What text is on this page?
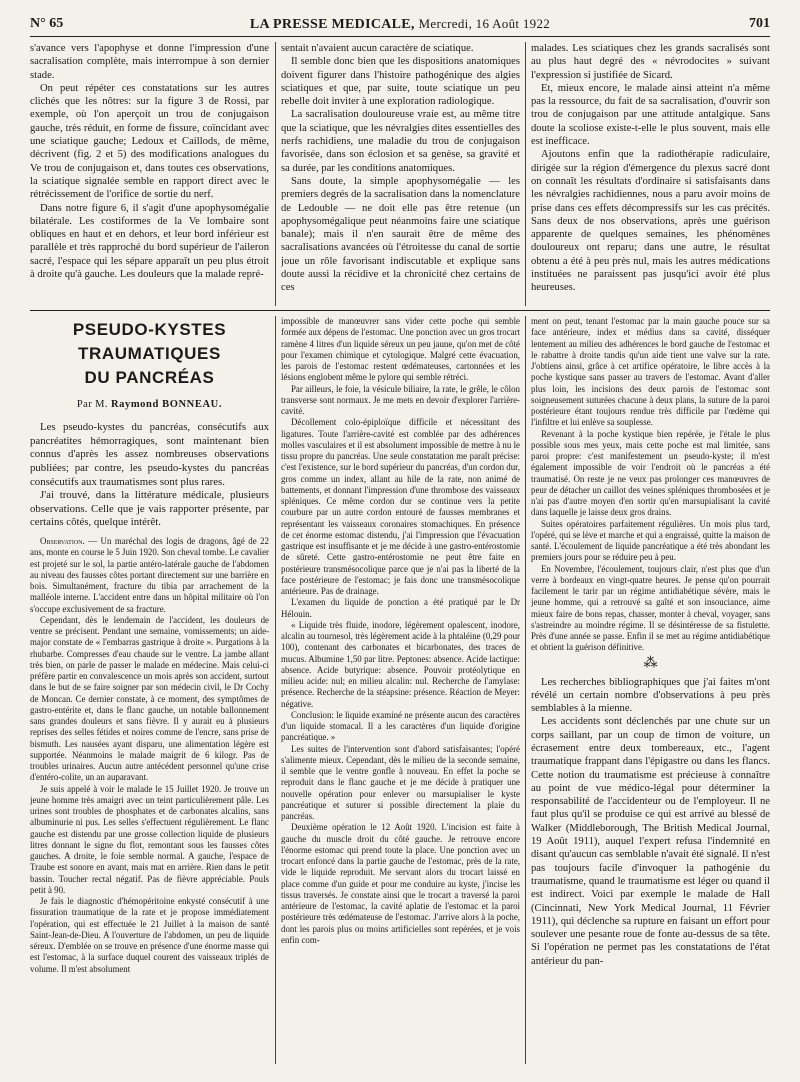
N° 65	LA PRESSE MEDICALE, Mercredi, 16 Août 1922	701

s'avance vers l'apophyse et donne l'impression d'une sacralisation complète, mais interrompue à son dernier stade.

On peut répéter ces constatations sur les autres clichés que les nôtres: sur la figure 3 de Rossi, par exemple, où l'on aperçoit un trou de conjugaison gauche, très réduit, en forme de fissure, coïncidant avec une sciatique gauche; Ledoux et Caillods, de même, décrivent (fig. 2 et 5) des modifications analogues du Ve trou de conjugaison et, dans toutes ces observations, la sciatique signalée semble en rapport direct avec le rétrécissement de l'orifice de sortie du nerf.

Dans notre figure 6, il s'agit d'une apophysomégalie bilatérale. Les costiformes de la Ve lombaire sont obliques en haut et en dehors, et leur bord inférieur est parallèle et très rapproché du bord supérieur de l'aileron sacré, l'espace qui les sépare apparaît un peu plus étroit à droite qu'à gauche. Les douleurs que la malade repré-

sentait n'avaient aucun caractère de sciatique.

Il semble donc bien que les dispositions anatomiques doivent figurer dans l'histoire pathogénique des algies sciatiques et que, par suite, toute sciatique un peu rebelle doit inviter à une exploration radiologique.

La sacralisation douloureuse vraie est, au même titre que la sciatique, que les névralgies dites essentielles des nerfs rachidiens, une maladie du trou de conjugaison favorisée, dans son éclosion et sa genèse, sa gravité et sa durée, par les conditions anatomiques.

Sans doute, la simple apophysomégalie — les premiers degrés de la sacralisation dans la nomenclature de Ledouble — ne doit elle pas être retenue (un apophysomégalique peut néanmoins faire une sciatique banale); mais il n'en saurait être de même des sacralisations avancées où l'étroitesse du canal de sortie joue un rôle favorisant indiscutable et explique sans doute aussi la récidive et la chronicité chez certains de ces

malades. Les sciatiques chez les grands sacralisés sont au plus haut degré des « névrodocites » suivant l'expression si justifiée de Sicard.

Et, mieux encore, le malade ainsi atteint n'a même pas la ressource, du fait de sa sacralisation, d'ouvrir son trou de conjugaison par une attitude antalgique. Sans doute la scoliose existe-t-elle le plus souvent, mais elle est inefficace.

Ajoutons enfin que la radiothérapie radiculaire, dirigée sur la région d'émergence du plexus sacré dont on connaît les résultats d'ordinaire si satisfaisants dans les névralgies rachidiennes, nous a paru avoir moins de prise dans ces effets décompressifs sur les cas précités. Sans deux de nos observations, après une guérison apparente de quelques semaines, les phénomènes douloureux ont reparu; dans une autre, le résultat obtenu a été à peu près nul, mais les autres médications instituées ne paraissent pas jusqu'ici avoir été plus heureuses.

PSEUDO-KYSTES TRAUMATIQUES
DU PANCRÉAS
Par M. Raymond BONNEAU.

Les pseudo-kystes du pancréas, consécutifs aux pancréatites hémorragiques, sont maintenant bien connus d'après les assez nombreuses observations publiées; par contre, les pseudo-kystes du pancréas consécutifs aux traumatismes sont plus rares.

J'ai trouvé, dans la littérature médicale, plusieurs observations. Celle que je vais rapporter présente, par certains côtés, quelque intérêt.

Observation. — Un maréchal des logis de dragons, âgé de 22 ans, monte en course le 5 Juin 1920. Son cheval tombe. Le cavalier est projeté sur le sol, la partie antéro-latérale gauche de l'abdomen au niveau des fausses côtes portant directement sur une barrière en bois. Simultanément, fracture du tibia par arrachement de la malléole interne. L'accident entre dans un hôpital militaire où l'on s'occupe exclusivement de sa fracture.

Cependant, dès le lendemain de l'accident, les douleurs de ventre se précisent. Pendant une semaine, vomissements; un aide-major constate de « l'embarras gastrique à droite ». Purgations à la rhubarbe. Compresses d'eau chaude sur le ventre. La jambe allant très bien, on parle de passer le malade en médecine. Mais celui-ci préfère partir en convalescence un mois après son accident, surtout dans le but de se faire soigner par son médecin civil, le Dr Cochy de Moncan. Ce dernier constate, à ce moment, des symptômes de gastro-entérite et, dans le flanc gauche, un notable ballonnement sans grandes douleurs et sans fièvre. Il y aurait eu à plusieurs reprises des selles fétides et noires comme de l'encre, sans prise de bismuth. Les nausées ayant disparu, une alimentation légère est supportée. Néanmoins le malade maigrit de 6 kilogr. Pas de troubles urinaires. Aucun autre antécédent personnel qu'une crise d'entéro-colite, un an auparavant.

Je suis appelé à voir le malade le 15 Juillet 1920. Je trouve un jeune homme très amaigri avec un teint particulièrement pâle. Les urines sont troubles de phosphates et de carbonates alcalins, sans albuminurie ni pus. Les selles s'effectuent régulièrement. Le flanc gauche est distendu par une grosse collection liquide de plusieurs litres donnant le signe du flot, remontant sous les fausses côtes gauches. A droite, le foie semble normal. A gauche, l'espace de Traube est sonore en avant, mais mat en arrière. Rien dans le petit bassin. Toucher rectal négatif. Pas de fièvre appréciable. Pouls petit à 90.

Je fais le diagnostic d'hémopéritoine enkysté consécutif à une fissuration traumatique de la rate et je propose immédiatement l'opération, qui est effectuée le 21 Juillet à la maison de santé Saint-Jean-de-Dieu. A l'ouverture de l'abdomen, un peu de liquide séreux. D'emblée on se trouve en présence d'une énorme masse qui est l'estomac, à la surface duquel courent des vaisseaux triplés de volume. Il m'est absolument

impossible de manœuvrer sans vider cette poche qui semble formée aux dépens de l'estomac. Une ponction avec un gros trocart ramène 4 litres d'un liquide séreux un peu jaune, qu'on met de côté pour l'examen chimique et cytologique. Malgré cette évacuation, les parois de l'estomac restent œdémateuses, cartonnées et les lésions englobent même le pylore qui semble rétréci.

Par ailleurs, le foie, la vésicule biliaire, la rate, le grêle, le côlon transverse sont normaux. Je me mets en devoir d'explorer l'arrière-cavité.

Décollement colo-épiploïque difficile et nécessitant des ligatures. Toute l'arrière-cavité est comblée par des adhérences molles vasculaires et il est absolument impossible de mettre à nu le tissu propre du pancréas. Une seule constatation me paraît précise: c'est l'existence, sur le bord supérieur du pancréas, d'un cordon dur, gros comme un index, allant au hile de la rate, non animé de battements, et donnant l'impression d'une thrombose des vaisseaux spléniques. Ce même cordon dur se continue vers la petite courbure par un autre cordon entouré de fausses membranes et représentant les vaisseaux coronaires stomachiques. En présence de cet énorme estomac distendu, j'ai l'impression que l'évacuation gastrique est insuffisante et je me décide à une gastro-entérostomie de sûreté. Cette gastro-entérostomie ne peut être faite en postérieure transmésocolique parce que je n'ai pas la liberté de la face postérieure de l'estomac; je fais donc une transmésocolique antérieure. Pas de drainage.

L'examen du liquide de ponction a été pratiqué par le Dr Hélouin.

« Liquide très fluide, inodore, légèrement opalescent, inodore, alcalin au tournesol, très légèrement acide à la phtaléine (0,29 pour 100), contenant des carbonates et bicarbonates, des traces de mucus. Albumine 1,50 par litre. Peptones: absence. Acide lactique: absence. Acide butyrique: absence. Pouvoir protéolytique en milieu acide: nul; en milieu alcalin: nul. Recherche de l'amylase: présence. Recherche de la stéapsine: présence. Réaction de Meyer: négative.

Conclusion: le liquide examiné ne présente aucun des caractères d'un liquide stomacal. Il a les caractères d'un liquide d'origine pancréatique. »

Les suites de l'intervention sont d'abord satisfaisantes; l'opéré s'alimente mieux. Cependant, dès le milieu de la seconde semaine, il semble que le ventre gonfle à nouveau. En effet la poche se reproduit dans le flanc gauche et je me décide à pratiquer une nouvelle opération pour enlever ou marsupialiser le kyste pancréatique et suturer si possible directement la plaie du pancréas.

Deuxième opération le 12 Août 1920. L'incision est faite à gauche du muscle droit du côté gauche. Je retrouve encore l'énorme estomac qui prend toute la place. Une ponction avec un trocart enfoncé dans la partie gauche de l'estomac, près de la rate, vide le liquide reproduit. Me servant alors du trocart laissé en place comme d'un guide et pour me conduire au kyste, j'incise les tissus traversés. Je constate ainsi que le trocart a traversé la paroi antérieure de l'estomac, la cavité aplatie de l'estomac et la paroi postérieure très œdémateuse de l'estomac. J'arrive alors à la poche, dont les parois plus ou moins artificielles sont repérées, et je vois enfin com-

ment on peut, tenant l'estomac par la main gauche pouce sur sa face antérieure, index et médius dans sa cavité, disséquer lentement au milieu des adhérences le bord gauche de l'estomac et le rabattre à droite tandis qu'un aide tient une valve sur la rate. J'obtiens ainsi, grâce à cet artifice opératoire, le libre accès à la poche kystique sans passer au travers de l'estomac. Avant d'aller plus loin, les incisions des deux parois de l'estomac sont soigneusement suturées chacune à deux plans, la suture de la paroi postérieure étant toujours rendue très difficile par l'œdème qui l'infiltre et lui enlève sa souplesse.

Revenant à la poche kystique bien repérée, je l'étale le plus possible sous mes yeux, mais cette poche est mal limitée, sans paroi propre: c'est manifestement un pseudo-kyste; il m'est également impossible de voir l'endroit où le pancréas a été traumatisé. On reste je ne veux pas prolonger ces manœuvres de peur de détacher un caillot des veines spléniques thrombosées et je n'ai pas d'autre moyen d'en sortir qu'en marsupialisant la cavité dans laquelle je laisse deux gros drains.

Suites opératoires parfaitement régulières. Un mois plus tard, l'opéré, qui se lève et marche et qui a engraissé, quitte la maison de santé. L'écoulement de liquide pancréatique a été très abondant les premiers jours pour se réduire peu à peu.

En Novembre, l'écoulement, toujours clair, n'est plus que d'un verre à bordeaux en vingt-quatre heures. Je pense qu'on pourrait facilement le tarir par un régime antidiabétique sévère, mais le jeune homme, qui a retrouvé sa gaîté et son insouciance, aime mieux faire de bons repas, chasser, monter à cheval, voyager, sans s'astreindre au moindre régime. Il se désintéresse de sa fistulette. Près d'une année se passe. Enfin il se met au régime antidiabétique et obtient la guérison définitive.

⁂

Les recherches bibliographiques que j'ai faites m'ont révélé un certain nombre d'observations à peu près semblables à la mienne.

Les accidents sont déclenchés par une chute sur un corps saillant, par un coup de timon de voiture, un écrasement entre deux tombereaux, etc., l'agent traumatique frappant dans l'épigastre ou dans les flancs. Cette notion du traumatisme est précieuse à connaître au point de vue médico-légal pour déterminer la responsabilité de l'accidenteur ou de l'employeur. Il ne faut plus qu'il se produise ce qui est arrivé au blessé de Walker (Middleborough, The British Medical Journal, 19 Août 1911), auquel l'expert refusa l'indemnité en disant qu'aucun cas semblable n'avait été signalé. Il n'est pas toujours facile d'invoquer la pathogénie du traumatisme, quand le traumatisme est léger ou quand il est indirect. Voici par exemple le malade de Hall (Cincinnati, New York Medical Journal, 11 Février 1911), qui déclenche sa rupture en faisant un effort pour soulever une pesante roue de fonte au-dessus de sa tête. Si l'opération ne permet pas les constatations de l'état antérieur du pan-
